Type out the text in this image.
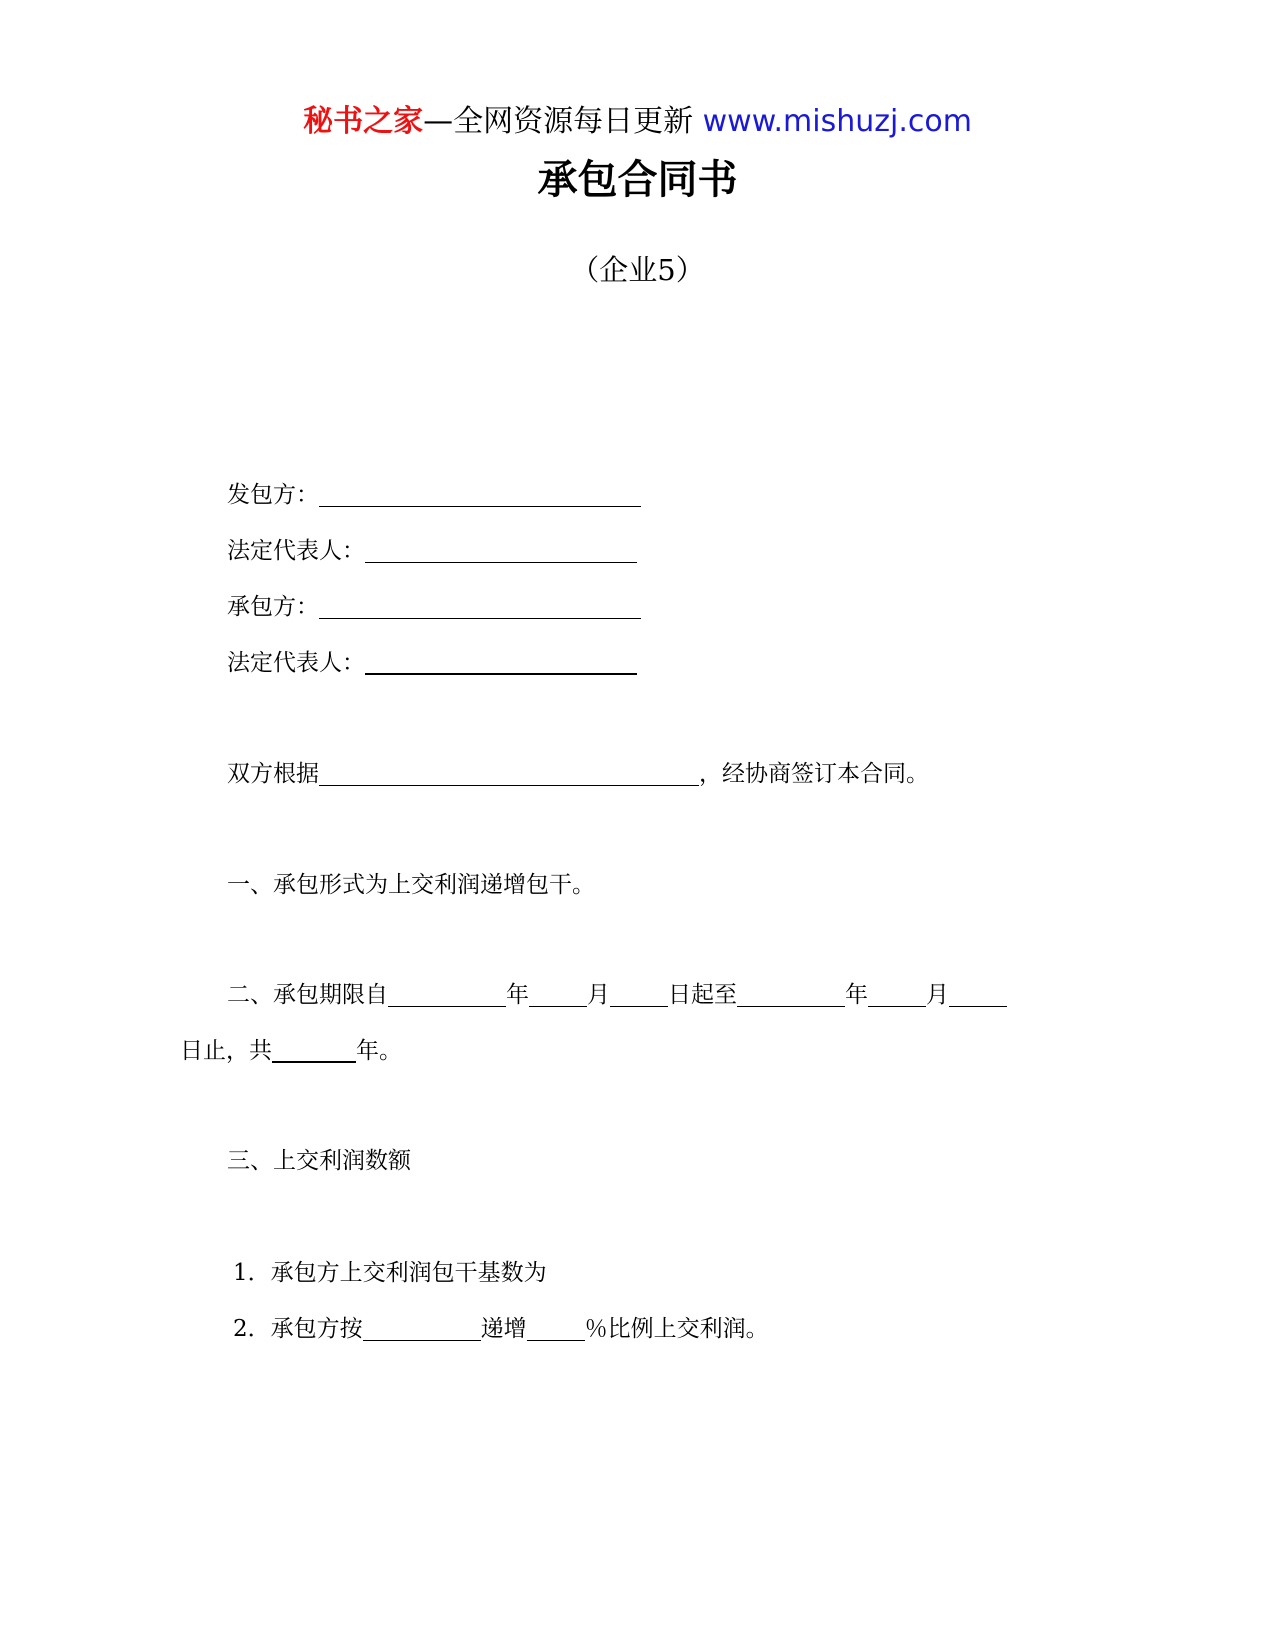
秘书之家—全网资源每日更新 www.mishuzj.com
承包合同书
（企业5）
发包方：
法定代表人：
承包方：
法定代表人：
双方根据	，经协商签订本合同。
一、承包形式为上交利润递增包干。
二、承包期限自	年	月	日起至	年	月
日止，共	年。
三、上交利润数额
1．承包方上交利润包干基数为
2．承包方按	递增	％比例上交利润。
